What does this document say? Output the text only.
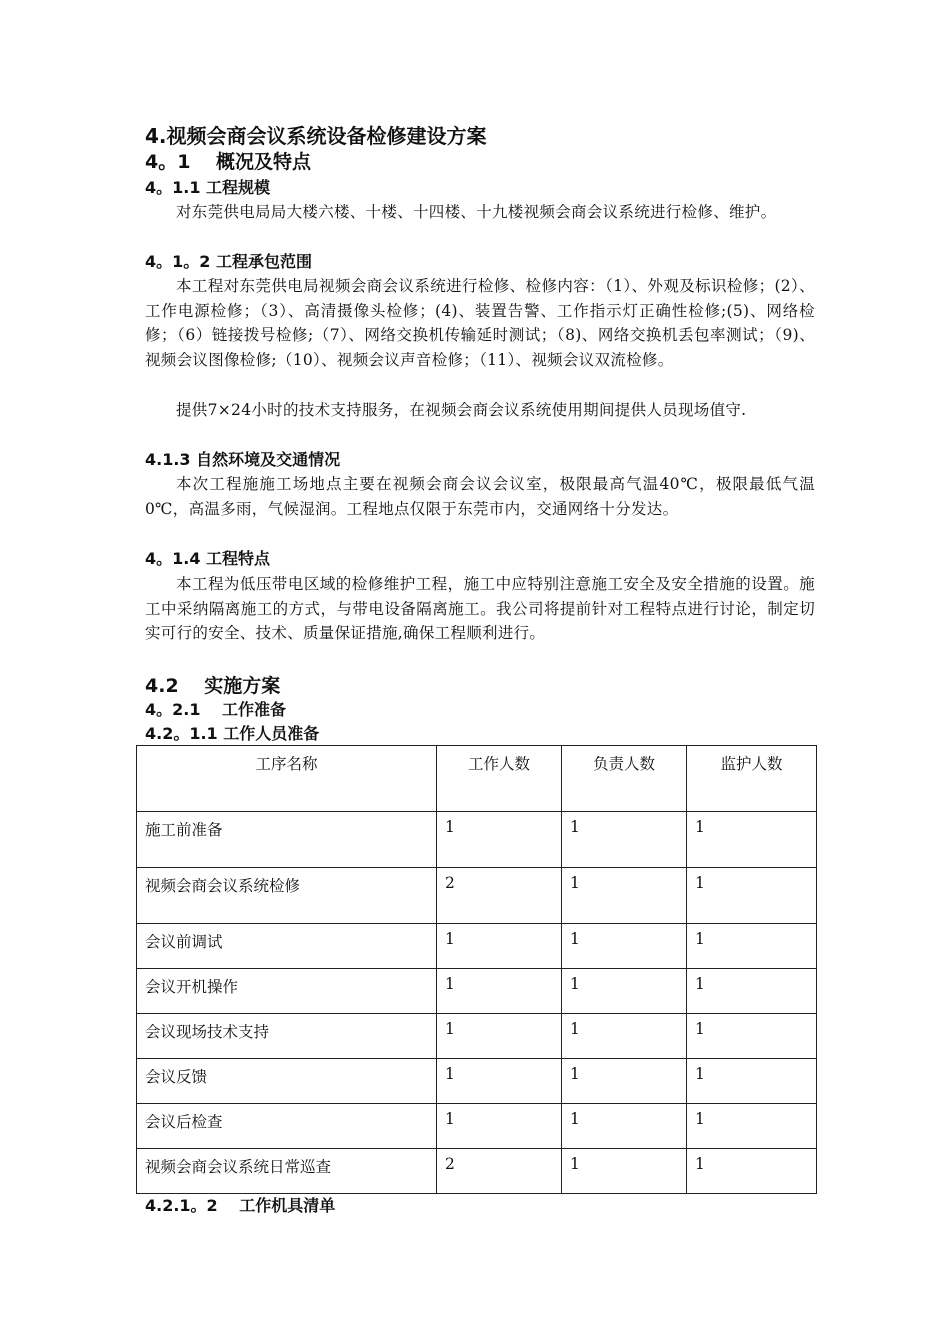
4.视频会商会议系统设备检修建设方案
4。1　 概况及特点
4。1.1 工程规模
对东莞供电局局大楼六楼、十楼、十四楼、十九楼视频会商会议系统进行检修、维护。
4。1。2 工程承包范围
本工程对东莞供电局视频会商会议系统进行检修、检修内容：（1）、外观及标识检修；(2）、工作电源检修；（3）、高清摄像头检修；(4)、装置告警、工作指示灯正确性检修;(5)、网络检修；（6）链接拨号检修;（7）、网络交换机传输延时测试；（8)、网络交换机丢包率测试；（9)、视频会议图像检修;（10）、视频会议声音检修；（11）、视频会议双流检修。
提供7×24小时的技术支持服务，在视频会商会议系统使用期间提供人员现场值守.
4.1.3 自然环境及交通情况
本次工程施施工场地点主要在视频会商会议会议室，极限最高气温40℃，极限最低气温0℃，高温多雨，气候湿润。工程地点仅限于东莞市内，交通网络十分发达。
4。1.4 工程特点
本工程为低压带电区域的检修维护工程，施工中应特别注意施工安全及安全措施的设置。施工中采纳隔离施工的方式，与带电设备隔离施工。我公司将提前针对工程特点进行讨论，制定切实可行的安全、技术、质量保证措施,确保工程顺利进行。
4.2　 实施方案
4。2.1　 工作准备
4.2。1.1 工作人员准备
工序名称	工作人数	负责人数	监护人数
施工前准备	1	1	1
视频会商会议系统检修	2	1	1
会议前调试	1	1	1
会议开机操作	1	1	1
会议现场技术支持	1	1	1
会议反馈	1	1	1
会议后检查	1	1	1
视频会商会议系统日常巡查	2	1	1
4.2.1。2　 工作机具清单
